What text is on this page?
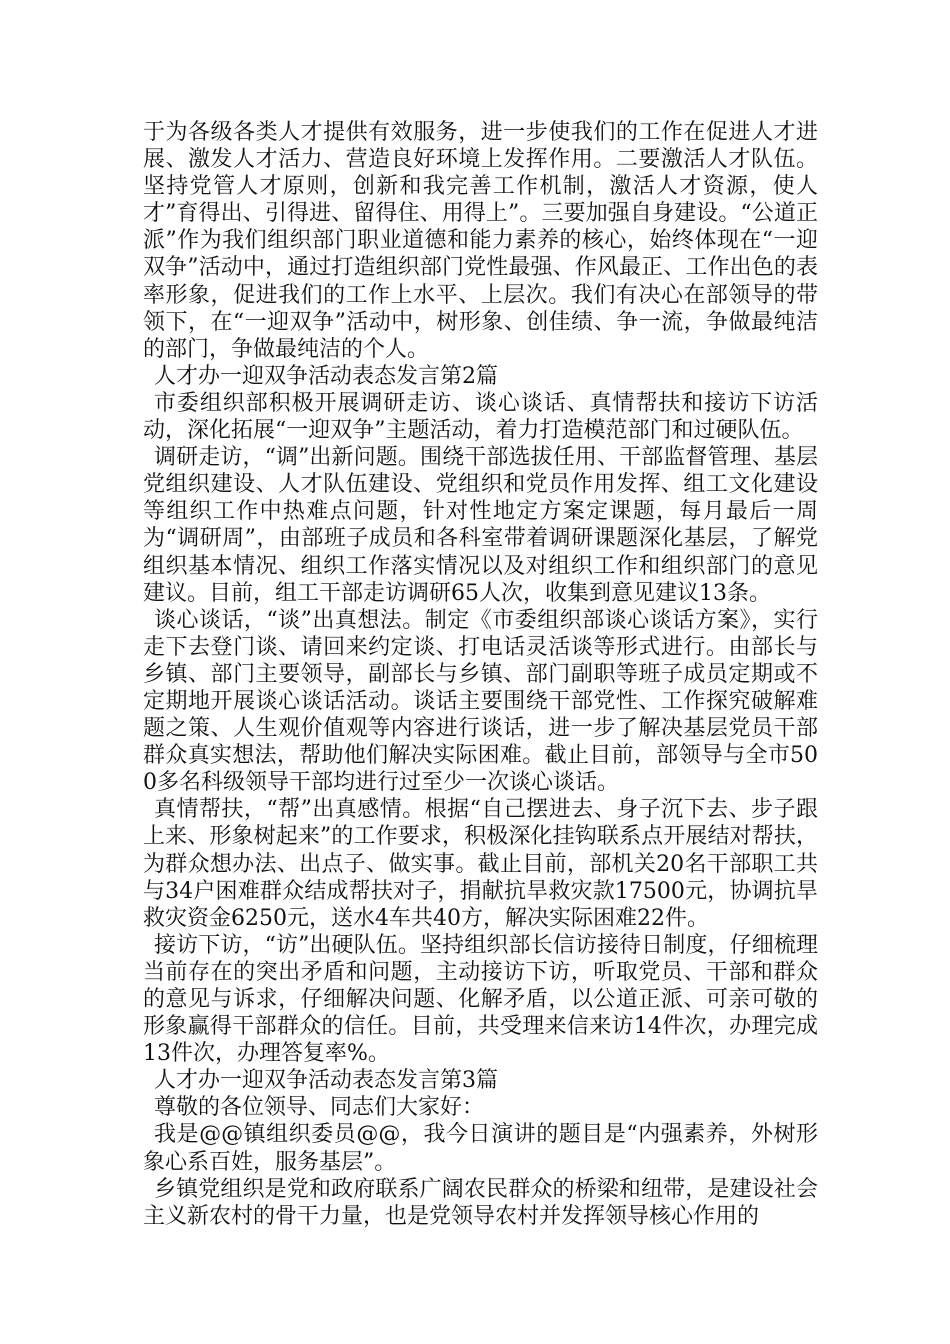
于为各级各类人才提供有效服务，进一步使我们的工作在促进人才进展、激发人才活力、营造良好环境上发挥作用。二要激活人才队伍。坚持党管人才原则，创新和我完善工作机制，激活人才资源，使人才”育得出、引得进、留得住、用得上”。三要加强自身建设。“公道正派”作为我们组织部门职业道德和能力素养的核心，始终体现在“一迎双争”活动中，通过打造组织部门党性最强、作风最正、工作出色的表率形象，促进我们的工作上水平、上层次。我们有决心在部领导的带领下，在“一迎双争”活动中，树形象、创佳绩、争一流，争做最纯洁的部门，争做最纯洁的个人。

人才办一迎双争活动表态发言第2篇

市委组织部积极开展调研走访、谈心谈话、真情帮扶和接访下访活动，深化拓展“一迎双争”主题活动，着力打造模范部门和过硬队伍。

调研走访，“调”出新问题。围绕干部选拔任用、干部监督管理、基层党组织建设、人才队伍建设、党组织和党员作用发挥、组工文化建设等组织工作中热难点问题，针对性地定方案定课题，每月最后一周为“调研周”，由部班子成员和各科室带着调研课题深化基层，了解党组织基本情况、组织工作落实情况以及对组织工作和组织部门的意见建议。目前，组工干部走访调研65人次，收集到意见建议13条。

谈心谈话，“谈”出真想法。制定《市委组织部谈心谈话方案》，实行走下去登门谈、请回来约定谈、打电话灵活谈等形式进行。由部长与乡镇、部门主要领导，副部长与乡镇、部门副职等班子成员定期或不定期地开展谈心谈话活动。谈话主要围绕干部党性、工作探究破解难题之策、人生观价值观等内容进行谈话，进一步了解决基层党员干部群众真实想法，帮助他们解决实际困难。截止目前，部领导与全市500多名科级领导干部均进行过至少一次谈心谈话。

真情帮扶，“帮”出真感情。根据“自己摆进去、身子沉下去、步子跟上来、形象树起来”的工作要求，积极深化挂钩联系点开展结对帮扶，为群众想办法、出点子、做实事。截止目前，部机关20名干部职工共与34户困难群众结成帮扶对子，捐献抗旱救灾款17500元，协调抗旱救灾资金6250元，送水4车共40方，解决实际困难22件。

接访下访，“访”出硬队伍。坚持组织部长信访接待日制度，仔细梳理当前存在的突出矛盾和问题，主动接访下访，听取党员、干部和群众的意见与诉求，仔细解决问题、化解矛盾，以公道正派、可亲可敬的形象赢得干部群众的信任。目前，共受理来信来访14件次，办理完成13件次，办理答复率%。

人才办一迎双争活动表态发言第3篇

尊敬的各位领导、同志们大家好：

我是@@镇组织委员@@，我今日演讲的题目是“内强素养，外树形象心系百姓，服务基层”。

乡镇党组织是党和政府联系广阔农民群众的桥梁和纽带，是建设社会主义新农村的骨干力量，也是党领导农村并发挥领导核心作用的
